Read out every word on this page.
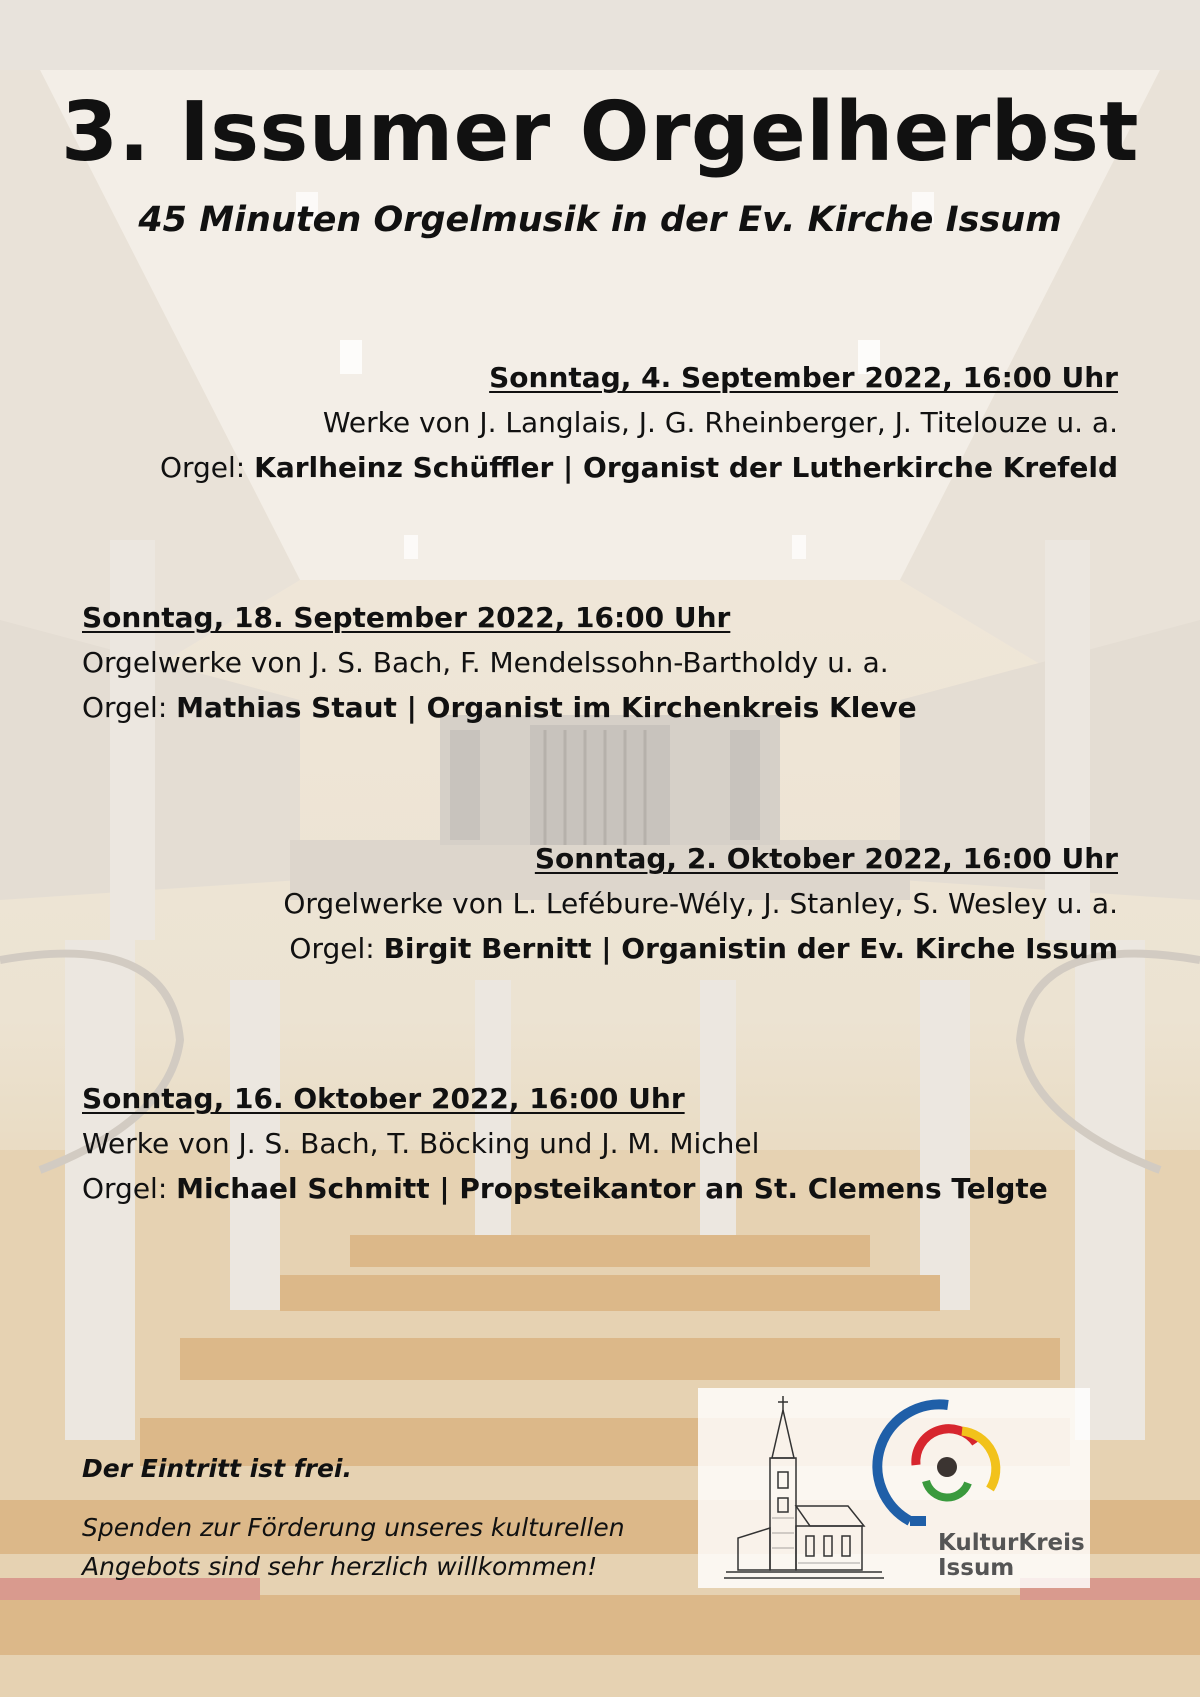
3. Issumer Orgelherbst
45 Minuten Orgelmusik in der Ev. Kirche Issum
Sonntag, 4. September 2022, 16:00 Uhr
Werke von J. Langlais, J. G. Rheinberger, J. Titelouze u. a.
Orgel: Karlheinz Schüffler | Organist der Lutherkirche Krefeld
Sonntag, 18. September 2022, 16:00 Uhr
Orgelwerke von J. S. Bach, F. Mendelssohn-Bartholdy u. a.
Orgel: Mathias Staut | Organist im Kirchenkreis Kleve
Sonntag, 2. Oktober 2022, 16:00 Uhr
Orgelwerke von L. Lefébure-Wély, J. Stanley, S. Wesley u. a.
Orgel: Birgit Bernitt | Organistin der Ev. Kirche Issum
Sonntag, 16. Oktober 2022, 16:00 Uhr
Werke von J. S. Bach, T. Böcking und J. M. Michel
Orgel: Michael Schmitt | Propsteikantor an St. Clemens Telgte
Der Eintritt ist frei.
Spenden zur Förderung unseres kulturellen
Angebots sind sehr herzlich willkommen!
KulturKreis
Issum
